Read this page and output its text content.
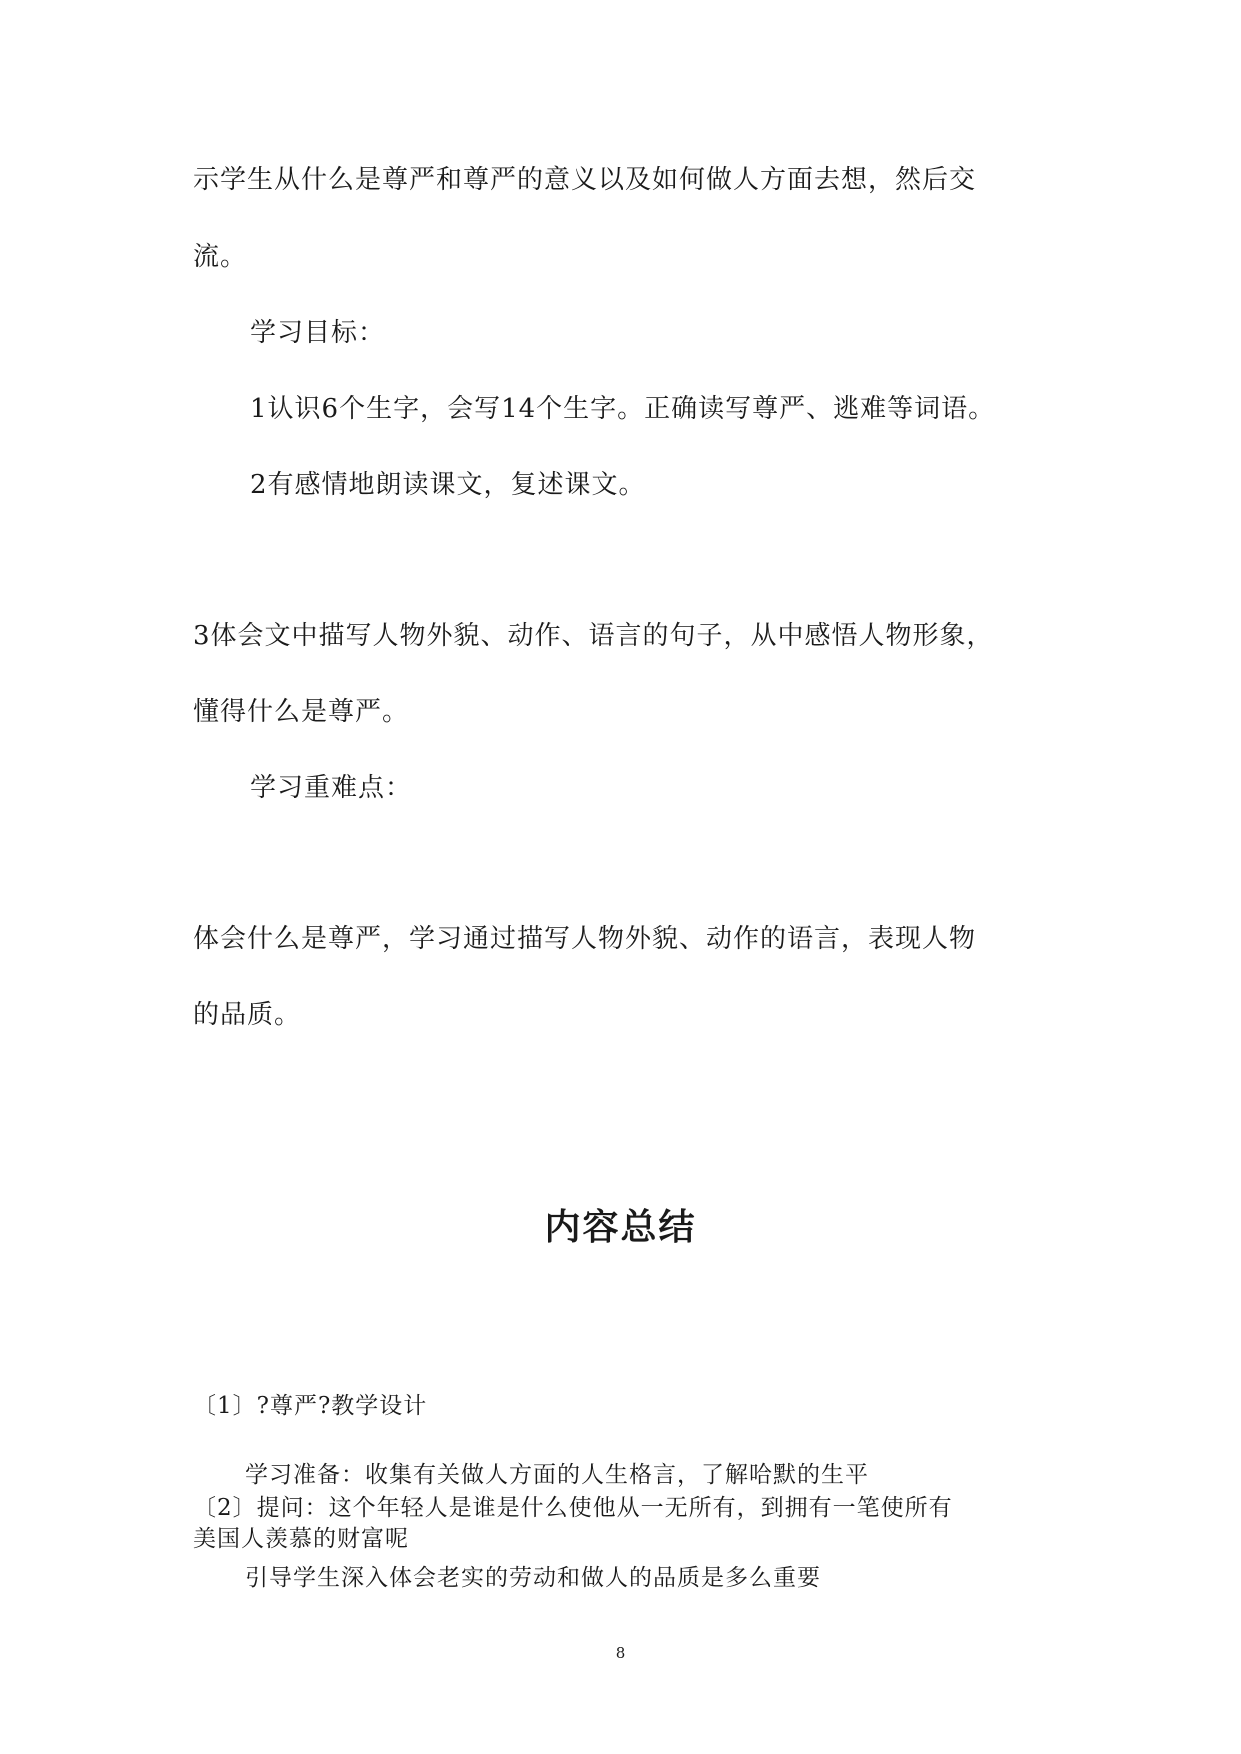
示学生从什么是尊严和尊严的意义以及如何做人方面去想，然后交
流。
学习目标：
1认识6个生字，会写14个生字。正确读写尊严、逃难等词语。
2有感情地朗读课文，复述课文。
3体会文中描写人物外貌、动作、语言的句子，从中感悟人物形象，
懂得什么是尊严。
学习重难点：
体会什么是尊严，学习通过描写人物外貌、动作的语言，表现人物
的品质。
内容总结
〔1〕?尊严?教学设计
学习准备：收集有关做人方面的人生格言，了解哈默的生平
〔2〕提问：这个年轻人是谁是什么使他从一无所有，到拥有一笔使所有
美国人羡慕的财富呢
引导学生深入体会老实的劳动和做人的品质是多么重要
8
